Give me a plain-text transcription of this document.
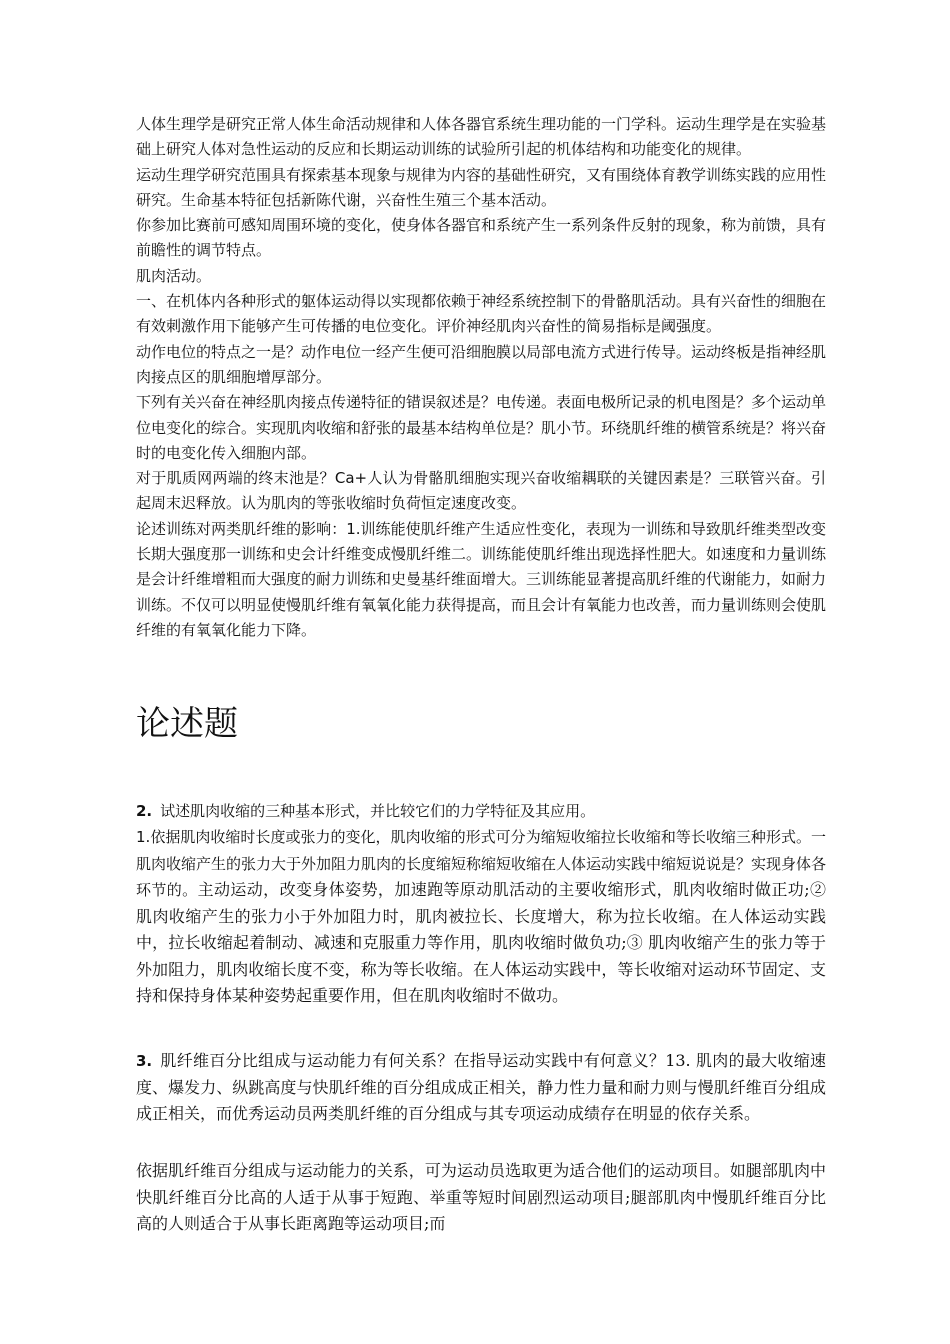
人体生理学是研究正常人体生命活动规律和人体各器官系统生理功能的一门学科。运动生理学是在实验基础上研究人体对急性运动的反应和长期运动训练的试验所引起的机体结构和功能变化的规律。

运动生理学研究范围具有探索基本现象与规律为内容的基础性研究，又有围绕体育教学训练实践的应用性研究。生命基本特征包括新陈代谢，兴奋性生殖三个基本活动。

你参加比赛前可感知周围环境的变化，使身体各器官和系统产生一系列条件反射的现象，称为前馈，具有前瞻性的调节特点。

肌肉活动。

一、在机体内各种形式的躯体运动得以实现都依赖于神经系统控制下的骨骼肌活动。具有兴奋性的细胞在有效刺激作用下能够产生可传播的电位变化。评价神经肌肉兴奋性的简易指标是阈强度。

动作电位的特点之一是？动作电位一经产生便可沿细胞膜以局部电流方式进行传导。运动终板是指神经肌肉接点区的肌细胞增厚部分。

下列有关兴奋在神经肌肉接点传递特征的错误叙述是？电传递。表面电极所记录的机电图是？多个运动单位电变化的综合。实现肌肉收缩和舒张的最基本结构单位是？肌小节。环绕肌纤维的横管系统是？将兴奋时的电变化传入细胞内部。

对于肌质网两端的终末池是？Ca+人认为骨骼肌细胞实现兴奋收缩耦联的关键因素是？三联管兴奋。引起周末迟释放。认为肌肉的等张收缩时负荷恒定速度改变。

论述训练对两类肌纤维的影响：1.训练能使肌纤维产生适应性变化，表现为一训练和导致肌纤维类型改变长期大强度那一训练和史会计纤维变成慢肌纤维二。训练能使肌纤维出现选择性肥大。如速度和力量训练是会计纤维增粗而大强度的耐力训练和史曼基纤维面增大。三训练能显著提高肌纤维的代谢能力，如耐力训练。不仅可以明显使慢肌纤维有氧氧化能力获得提高，而且会计有氧能力也改善，而力量训练则会使肌纤维的有氧氧化能力下降。

论述题

2. 试述肌肉收缩的三种基本形式，并比较它们的力学特征及其应用。

1.依据肌肉收缩时长度或张力的变化，肌肉收缩的形式可分为缩短收缩拉长收缩和等长收缩三种形式。一肌肉收缩产生的张力大于外加阻力肌肉的长度缩短称缩短收缩在人体运动实践中缩短说说是？实现身体各环节的。主动运动，改变身体姿势，加速跑等原动肌活动的主要收缩形式，肌肉收缩时做正功;② 肌肉收缩产生的张力小于外加阻力时，肌肉被拉长、长度增大，称为拉长收缩。在人体运动实践中，拉长收缩起着制动、减速和克服重力等作用，肌肉收缩时做负功;③ 肌肉收缩产生的张力等于外加阻力，肌肉收缩长度不变，称为等长收缩。在人体运动实践中，等长收缩对运动环节固定、支持和保持身体某种姿势起重要作用，但在肌肉收缩时不做功。

3. 肌纤维百分比组成与运动能力有何关系？在指导运动实践中有何意义？13. 肌肉的最大收缩速度、爆发力、纵跳高度与快肌纤维的百分组成成正相关，静力性力量和耐力则与慢肌纤维百分组成成正相关，而优秀运动员两类肌纤维的百分组成与其专项运动成绩存在明显的依存关系。

依据肌纤维百分组成与运动能力的关系，可为运动员选取更为适合他们的运动项目。如腿部肌肉中快肌纤维百分比高的人适于从事于短跑、举重等短时间剧烈运动项目;腿部肌肉中慢肌纤维百分比高的人则适合于从事长距离跑等运动项目;而
